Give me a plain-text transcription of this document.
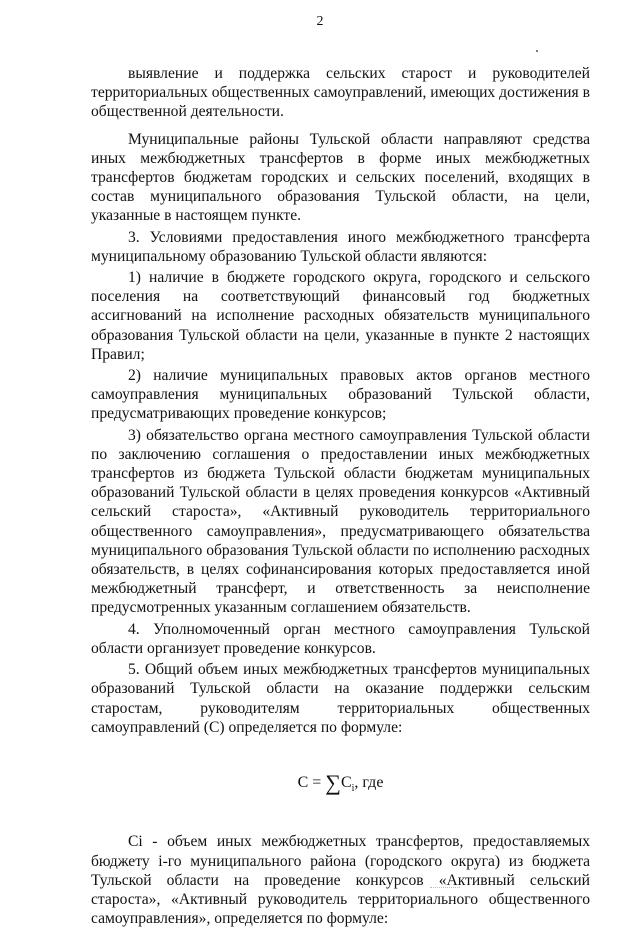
2

выявление и поддержка сельских старост и руководителей территориальных общественных самоуправлений, имеющих достижения в общественной деятельности.

Муниципальные районы Тульской области направляют средства иных межбюджетных трансфертов в форме иных межбюджетных трансфертов бюджетам городских и сельских поселений, входящих в состав муниципального образования Тульской области, на цели, указанные в настоящем пункте.

3. Условиями предоставления иного межбюджетного трансферта муниципальному образованию Тульской области являются:

1) наличие в бюджете городского округа, городского и сельского поселения на соответствующий финансовый год бюджетных ассигнований на исполнение расходных обязательств муниципального образования Тульской области на цели, указанные в пункте 2 настоящих Правил;

2) наличие муниципальных правовых актов органов местного самоуправления муниципальных образований Тульской области, предусматривающих проведение конкурсов;

3) обязательство органа местного самоуправления Тульской области по заключению соглашения о предоставлении иных межбюджетных трансфертов из бюджета Тульской области бюджетам муниципальных образований Тульской области в целях проведения конкурсов «Активный сельский староста», «Активный руководитель территориального общественного самоуправления», предусматривающего обязательства муниципального образования Тульской области по исполнению расходных обязательств, в целях софинансирования которых предоставляется иной межбюджетный трансферт, и ответственность за неисполнение предусмотренных указанным соглашением обязательств.

4. Уполномоченный орган местного самоуправления Тульской области организует проведение конкурсов.

5. Общий объем иных межбюджетных трансфертов муниципальных образований Тульской области на оказание поддержки сельским старостам, руководителям территориальных общественных самоуправлений (С) определяется по формуле:

$C = \sum C_i$, где

Ci - объем иных межбюджетных трансфертов, предоставляемых бюджету i-го муниципального района (городского округа) из бюджета Тульской области на проведение конкурсов «Активный сельский староста», «Активный руководитель территориального общественного самоуправления», определяется по формуле:
